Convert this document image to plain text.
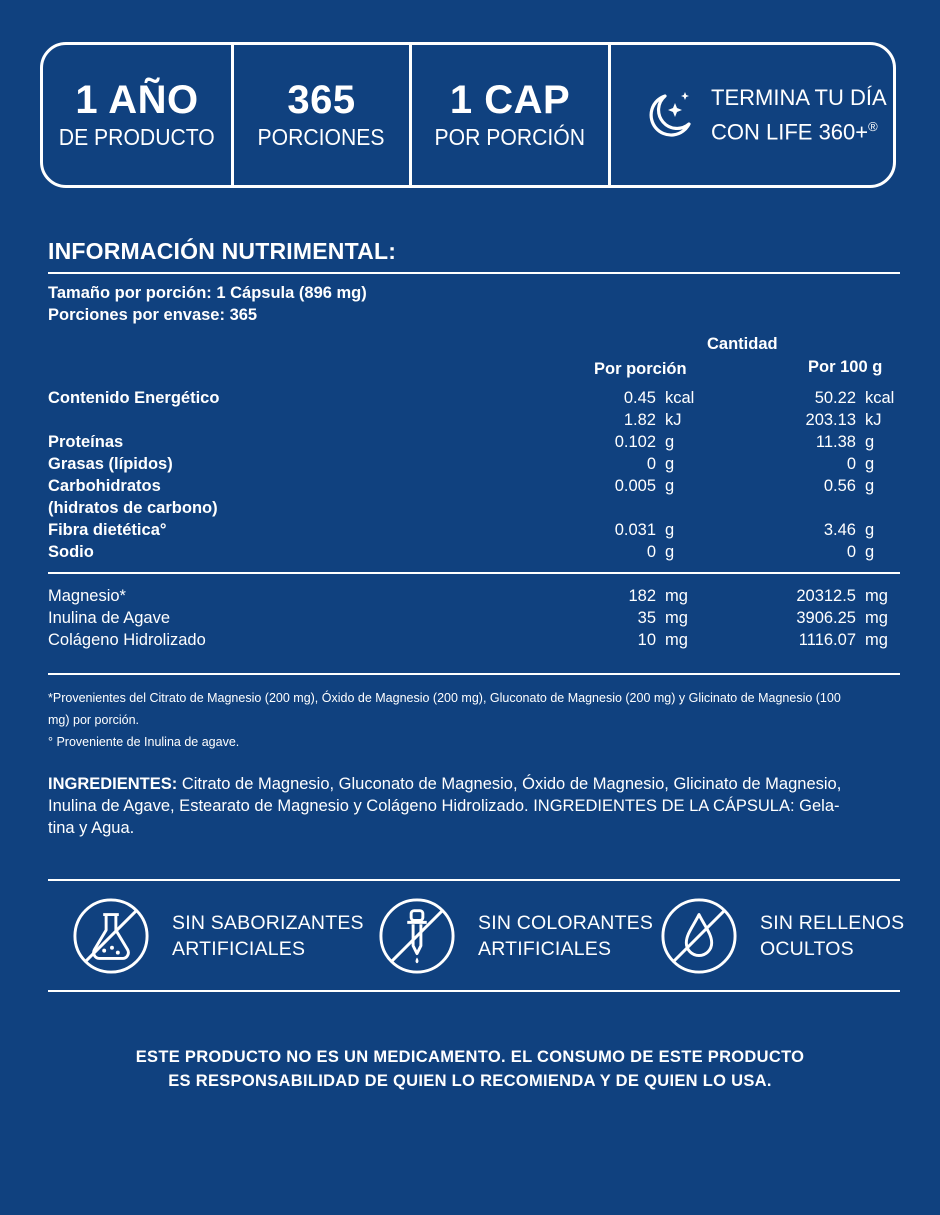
1 AÑO
DE PRODUCTO
365
PORCIONES
1 CAP
POR PORCIÓN
TERMINA TU DÍA
CON LIFE 360+®
INFORMACIÓN NUTRIMENTAL:
Tamaño por porción: 1 Cápsula (896 mg)
Porciones por envase: 365
Cantidad
Por porción	Por 100 g
Contenido Energético	0.45 kcal	50.22 kcal
1.82 kJ	203.13 kJ
Proteínas	0.102 g	11.38 g
Grasas (lípidos)	0 g	0 g
Carbohidratos	0.005 g	0.56 g
(hidratos de carbono)
Fibra dietética°	0.031 g	3.46 g
Sodio	0 g	0 g
Magnesio*	182 mg	20312.5 mg
Inulina de Agave	35 mg	3906.25 mg
Colágeno Hidrolizado	10 mg	1116.07 mg
*Provenientes del Citrato de Magnesio (200 mg), Óxido de Magnesio (200 mg), Gluconato de Magnesio (200 mg) y Glicinato de Magnesio (100
mg) por porción.
° Proveniente de Inulina de agave.
INGREDIENTES: Citrato de Magnesio, Gluconato de Magnesio, Óxido de Magnesio, Glicinato de Magnesio,
Inulina de Agave, Estearato de Magnesio y Colágeno Hidrolizado. INGREDIENTES DE LA CÁPSULA: Gela-
tina y Agua.
SIN SABORIZANTES
ARTIFICIALES
SIN COLORANTES
ARTIFICIALES
SIN RELLENOS
OCULTOS
ESTE PRODUCTO NO ES UN MEDICAMENTO. EL CONSUMO DE ESTE PRODUCTO
ES RESPONSABILIDAD DE QUIEN LO RECOMIENDA Y DE QUIEN LO USA.
